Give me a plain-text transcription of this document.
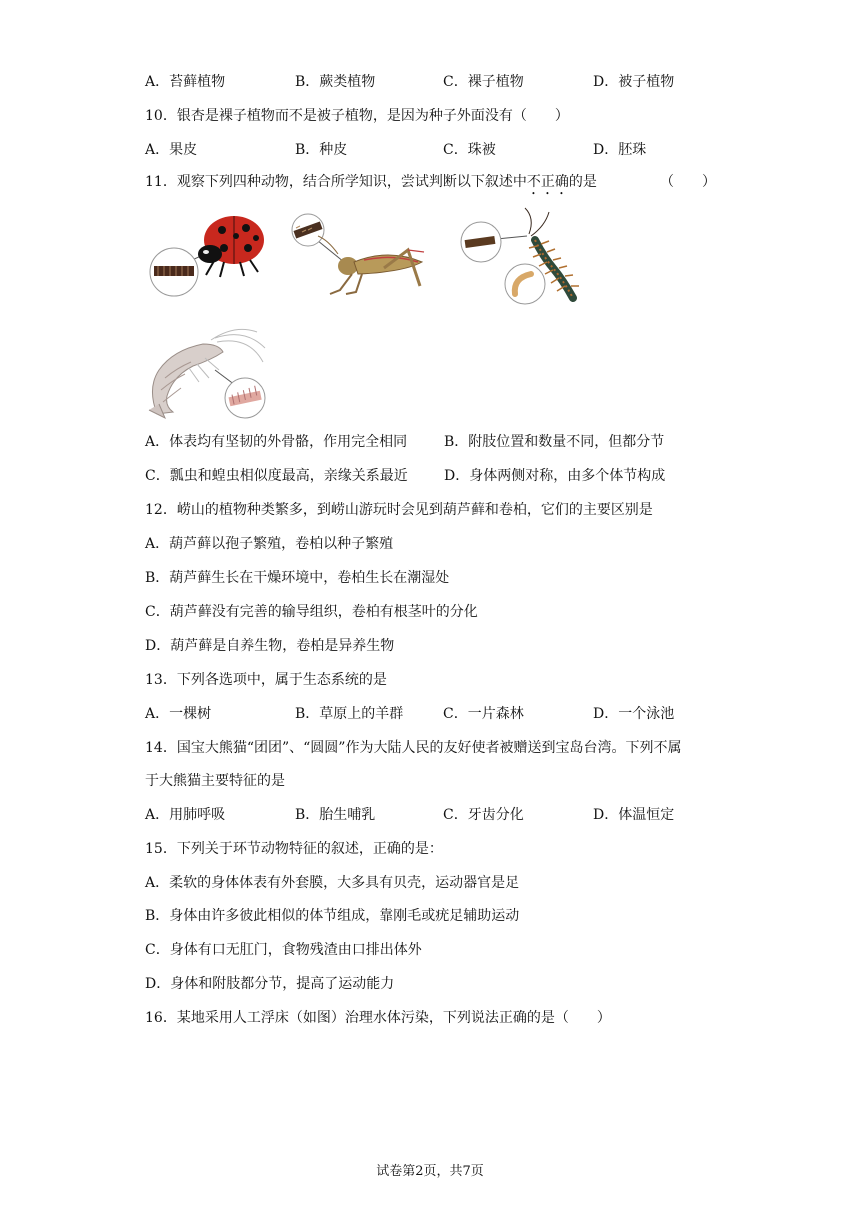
A．苔藓植物	B．蕨类植物	C．裸子植物	D．被子植物
10．银杏是裸子植物而不是被子植物，是因为种子外面没有（　　）
A．果皮	B．种皮	C．珠被	D．胚珠
11．观察下列四种动物，结合所学知识，尝试判断以下叙述中不正确的是	（　　）
A．体表均有坚韧的外骨骼，作用完全相同	B．附肢位置和数量不同，但都分节
C．瓢虫和蝗虫相似度最高，亲缘关系最近	D．身体两侧对称，由多个体节构成
12．崂山的植物种类繁多，到崂山游玩时会见到葫芦藓和卷柏，它们的主要区别是
A．葫芦藓以孢子繁殖，卷柏以种子繁殖
B．葫芦藓生长在干燥环境中，卷柏生长在潮湿处
C．葫芦藓没有完善的输导组织，卷柏有根茎叶的分化
D．葫芦藓是自养生物，卷柏是异养生物
13．下列各选项中，属于生态系统的是
A．一棵树	B．草原上的羊群	C．一片森林	D．一个泳池
14．国宝大熊猫“团团”、“圆圆”作为大陆人民的友好使者被赠送到宝岛台湾。下列不属
于大熊猫主要特征的是
A．用肺呼吸	B．胎生哺乳	C．牙齿分化	D．体温恒定
15．下列关于环节动物特征的叙述，正确的是：
A．柔软的身体体表有外套膜，大多具有贝壳，运动器官是足
B．身体由许多彼此相似的体节组成，靠刚毛或疣足辅助运动
C．身体有口无肛门，食物残渣由口排出体外
D．身体和附肢都分节，提高了运动能力
16．某地采用人工浮床（如图）治理水体污染，下列说法正确的是（　　）
试卷第2页，共7页
